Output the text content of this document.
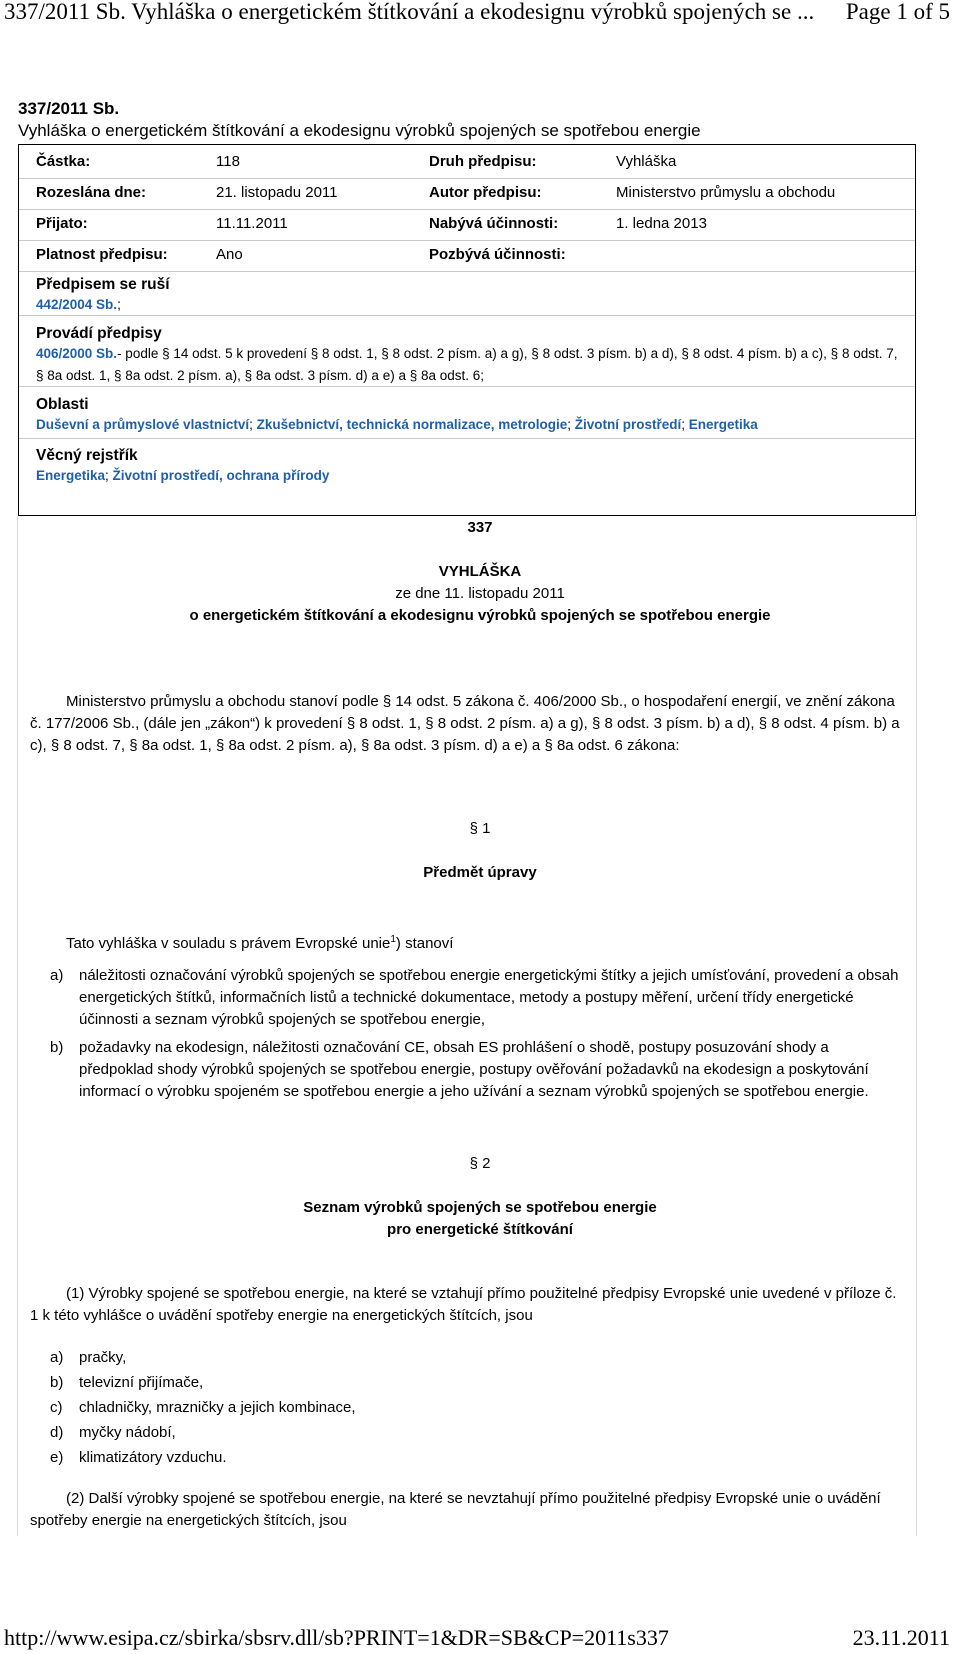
337/2011 Sb. Vyhláška o energetickém štítkování a ekodesignu výrobků spojených se ... Page 1 of 5
337/2011 Sb.
Vyhláška o energetickém štítkování a ekodesignu výrobků spojených se spotřebou energie
Částka:	118	Druh předpisu:	Vyhláška
Rozeslána dne:	21. listopadu 2011	Autor předpisu:	Ministerstvo průmyslu a obchodu
Přijato:	11.11.2011	Nabývá účinnosti:	1. ledna 2013
Platnost předpisu:	Ano	Pozbývá účinnosti:
Předpisem se ruší
442/2004 Sb.;
Provádí předpisy
406/2000 Sb.- podle § 14 odst. 5 k provedení § 8 odst. 1, § 8 odst. 2 písm. a) a g), § 8 odst. 3 písm. b) a d), § 8 odst. 4 písm. b) a c), § 8 odst. 7, § 8a odst. 1, § 8a odst. 2 písm. a), § 8a odst. 3 písm. d) a e) a § 8a odst. 6;
Oblasti
Duševní a průmyslové vlastnictví; Zkušebnictví, technická normalizace, metrologie; Životní prostředí; Energetika
Věcný rejstřík
Energetika; Životní prostředí, ochrana přírody
337
VYHLÁŠKA
ze dne 11. listopadu 2011
o energetickém štítkování a ekodesignu výrobků spojených se spotřebou energie
Ministerstvo průmyslu a obchodu stanoví podle § 14 odst. 5 zákona č. 406/2000 Sb., o hospodaření energií, ve znění zákona č. 177/2006 Sb., (dále jen „zákon“) k provedení § 8 odst. 1, § 8 odst. 2 písm. a) a g), § 8 odst. 3 písm. b) a d), § 8 odst. 4 písm. b) a c), § 8 odst. 7, § 8a odst. 1, § 8a odst. 2 písm. a), § 8a odst. 3 písm. d) a e) a § 8a odst. 6 zákona:
§ 1
Předmět úpravy
Tato vyhláška v souladu s právem Evropské unie$^1$) stanoví
a) náležitosti označování výrobků spojených se spotřebou energie energetickými štítky a jejich umísťování, provedení a obsah energetických štítků, informačních listů a technické dokumentace, metody a postupy měření, určení třídy energetické účinnosti a seznam výrobků spojených se spotřebou energie,
b) požadavky na ekodesign, náležitosti označování CE, obsah ES prohlášení o shodě, postupy posuzování shody a předpoklad shody výrobků spojených se spotřebou energie, postupy ověřování požadavků na ekodesign a poskytování informací o výrobku spojeném se spotřebou energie a jeho užívání a seznam výrobků spojených se spotřebou energie.
§ 2
Seznam výrobků spojených se spotřebou energie
pro energetické štítkování
(1) Výrobky spojené se spotřebou energie, na které se vztahují přímo použitelné předpisy Evropské unie uvedené v příloze č. 1 k této vyhlášce o uvádění spotřeby energie na energetických štítcích, jsou
a) pračky,
b) televizní přijímače,
c) chladničky, mrazničky a jejich kombinace,
d) myčky nádobí,
e) klimatizátory vzduchu.
(2) Další výrobky spojené se spotřebou energie, na které se nevztahují přímo použitelné předpisy Evropské unie o uvádění spotřeby energie na energetických štítcích, jsou
http://www.esipa.cz/sbirka/sbsrv.dll/sb?PRINT=1&DR=SB&CP=2011s337	23.11.2011
